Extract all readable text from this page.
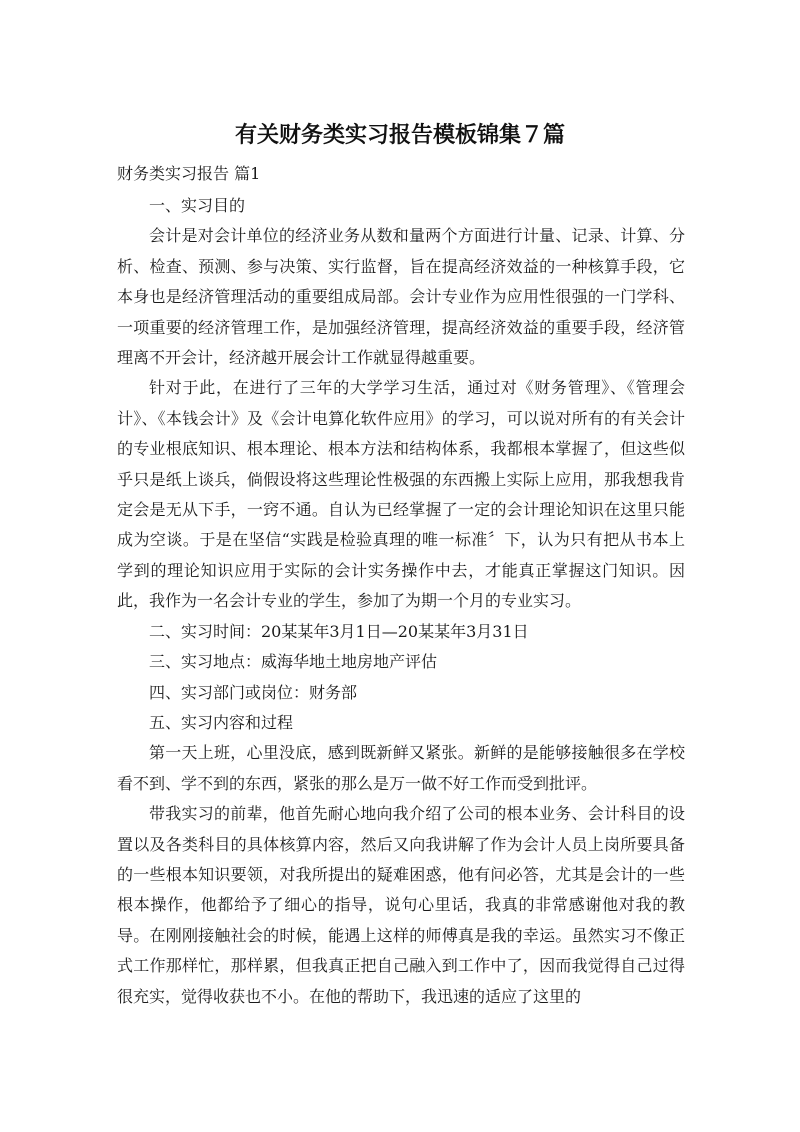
有关财务类实习报告模板锦集７篇
财务类实习报告 篇1

一、实习目的

会计是对会计单位的经济业务从数和量两个方面进行计量、记录、计算、分析、检查、预测、参与决策、实行监督，旨在提高经济效益的一种核算手段，它本身也是经济管理活动的重要组成局部。会计专业作为应用性很强的一门学科、一项重要的经济管理工作，是加强经济管理，提高经济效益的重要手段，经济管理离不开会计，经济越开展会计工作就显得越重要。

针对于此，在进行了三年的大学学习生活，通过对《财务管理》、《管理会计》、《本钱会计》及《会计电算化软件应用》的学习，可以说对所有的有关会计的专业根底知识、根本理论、根本方法和结构体系，我都根本掌握了，但这些似乎只是纸上谈兵，倘假设将这些理论性极强的东西搬上实际上应用，那我想我肯定会是无从下手，一窍不通。自认为已经掌握了一定的会计理论知识在这里只能成为空谈。于是在坚信“实践是检验真理的唯一标准〞下，认为只有把从书本上学到的理论知识应用于实际的会计实务操作中去，才能真正掌握这门知识。因此，我作为一名会计专业的学生，参加了为期一个月的专业实习。

二、实习时间：20某某年3月1日—20某某年3月31日

三、实习地点：威海华地土地房地产评估

四、实习部门或岗位：财务部

五、实习内容和过程

第一天上班，心里没底，感到既新鲜又紧张。新鲜的是能够接触很多在学校看不到、学不到的东西，紧张的那么是万一做不好工作而受到批评。

带我实习的前辈，他首先耐心地向我介绍了公司的根本业务、会计科目的设置以及各类科目的具体核算内容，然后又向我讲解了作为会计人员上岗所要具备的一些根本知识要领，对我所提出的疑难困惑，他有问必答，尤其是会计的一些根本操作，他都给予了细心的指导，说句心里话，我真的非常感谢他对我的教导。在刚刚接触社会的时候，能遇上这样的师傅真是我的幸运。虽然实习不像正式工作那样忙，那样累，但我真正把自己融入到工作中了，因而我觉得自己过得很充实，觉得收获也不小。在他的帮助下，我迅速的适应了这里的
